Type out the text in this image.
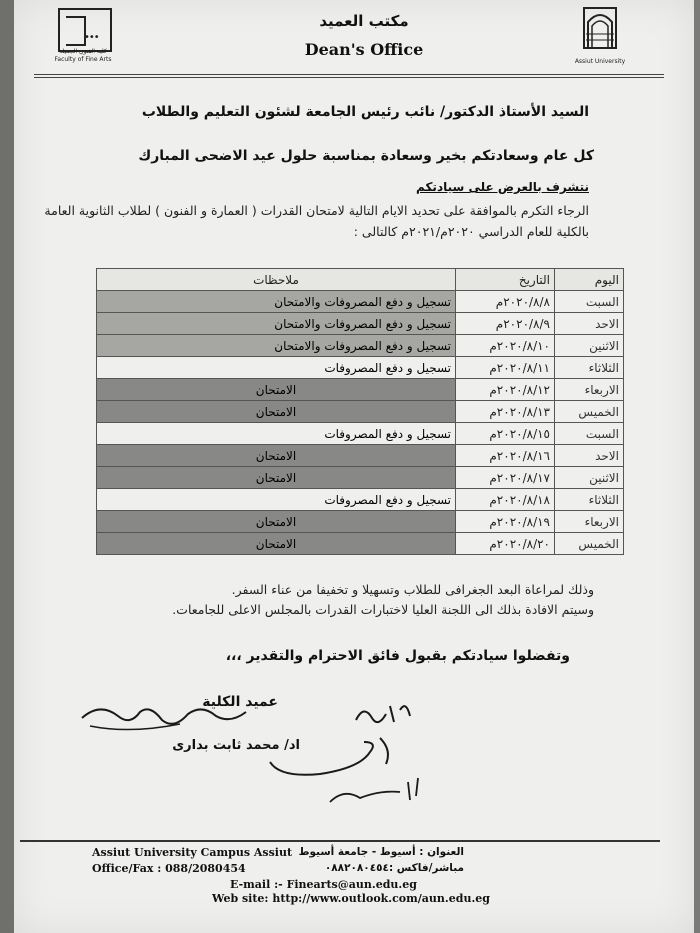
•••
كلية الفنون الجميلة Faculty of Fine Arts	Assiut University
مكتب العميد
Dean's Office
السيد الأستاذ الدكتور/ نائب رئيس الجامعة لشئون التعليم والطلاب
كل عام وسعادتكم بخير وسعادة بمناسبة حلول عيد الاضحى المبارك
نتشرف بالعرض على سيادتكم
الرجاء التكرم بالموافقة على تحديد الايام التالية لامتحان القدرات ( العمارة و الفنون ) لطلاب الثانوية العامة بالكلية للعام الدراسي ٢٠٢٠م/٢٠٢١م كالتالى :
اليوم	التاريخ	ملاحظات
السبت	٢٠٢٠/٨/٨م	تسجيل و دفع المصروفات والامتحان
الاحد	٢٠٢٠/٨/٩م	تسجيل و دفع المصروفات والامتحان
الاثنين	٢٠٢٠/٨/١٠م	تسجيل و دفع المصروفات والامتحان
الثلاثاء	٢٠٢٠/٨/١١م	تسجيل و دفع المصروفات
الاربعاء	٢٠٢٠/٨/١٢م	الامتحان
الخميس	٢٠٢٠/٨/١٣م	الامتحان
السبت	٢٠٢٠/٨/١٥م	تسجيل و دفع المصروفات
الاحد	٢٠٢٠/٨/١٦م	الامتحان
الاثنين	٢٠٢٠/٨/١٧م	الامتحان
الثلاثاء	٢٠٢٠/٨/١٨م	تسجيل و دفع المصروفات
الاربعاء	٢٠٢٠/٨/١٩م	الامتحان
الخميس	٢٠٢٠/٨/٢٠م	الامتحان
وذلك لمراعاة البعد الجغرافى للطلاب وتسهيلا و تخفيفا من عناء السفر.
وسيتم الافادة بذلك الى اللجنة العليا لاختبارات القدرات بالمجلس الاعلى للجامعات.
وتفضلوا سيادتكم بقبول فائق الاحترام والتقدير ،،،
عميد الكلية
اد/ محمد ثابت بدارى
Assiut University Campus Assiut
Office/Fax : 088/2080454
العنوان : أسيوط - جامعة أسيوط
مباشر/فاكس :٠٨٨٢٠٨٠٤٥٤
E-mail :- Finearts@aun.edu.eg
Web site: http://www.outlook.com/aun.edu.eg
